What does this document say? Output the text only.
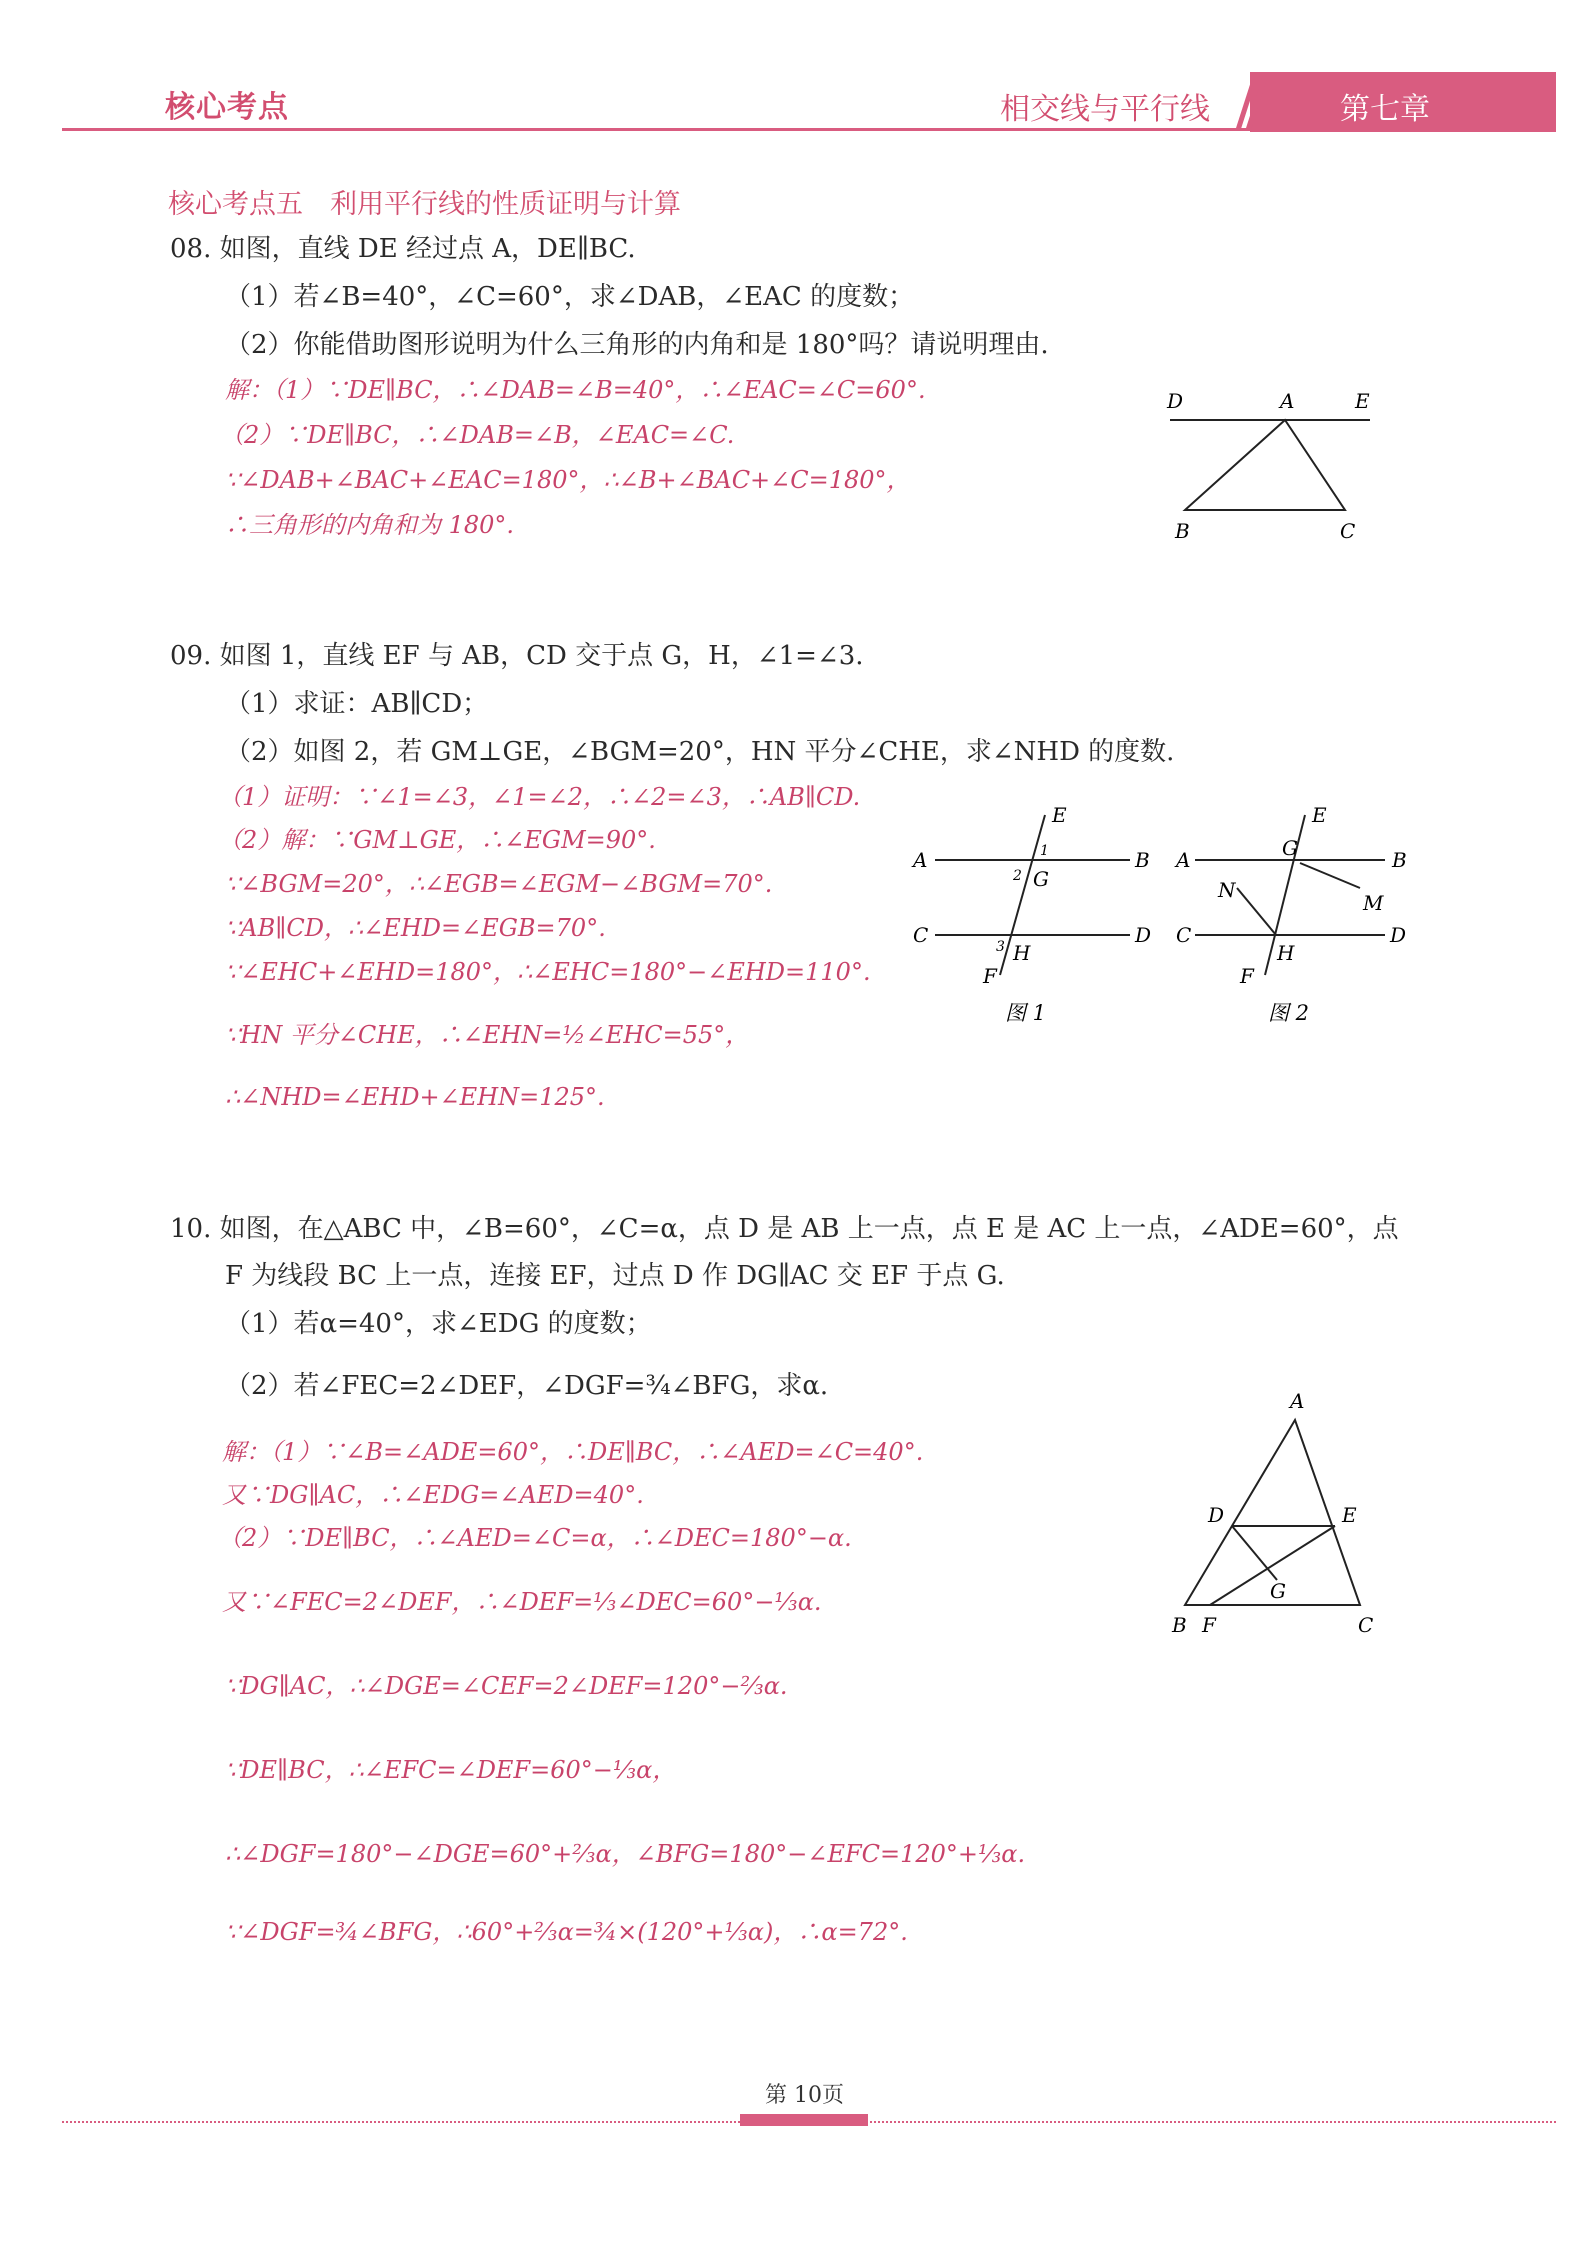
核心考点	相交线与平行线	第七章
核心考点五　利用平行线的性质证明与计算
08. 如图，直线 DE 经过点 A，DE∥BC.
（1）若∠B=40°，∠C=60°，求∠DAB，∠EAC 的度数；
（2）你能借助图形说明为什么三角形的内角和是 180°吗？请说明理由.
解：（1）∵DE∥BC，∴∠DAB=∠B=40°，∴∠EAC=∠C=60°.
（2）∵DE∥BC，∴∠DAB=∠B，∠EAC=∠C.
∵∠DAB+∠BAC+∠EAC=180°，∴∠B+∠BAC+∠C=180°，
∴三角形的内角和为 180°.
D	A	E
B	C
09. 如图 1，直线 EF 与 AB，CD 交于点 G，H，∠1=∠3.
（1）求证：AB∥CD；
（2）如图 2，若 GM⊥GE，∠BGM=20°，HN 平分∠CHE，求∠NHD 的度数.
（1）证明：∵∠1=∠3，∠1=∠2，∴∠2=∠3，∴AB∥CD.
（2）解：∵GM⊥GE，∴∠EGM=90°.
∵∠BGM=20°，∴∠EGB=∠EGM−∠BGM=70°.
∵AB∥CD，∴∠EHD=∠EGB=70°.
∵∠EHC+∠EHD=180°，∴∠EHC=180°−∠EHD=110°.
∵HN 平分∠CHE，∴∠EHN=½∠EHC=55°，
∴∠NHD=∠EHD+∠EHN=125°.
E
A	B
G
1
2
C	D
3 H
F
图 1
E
G
A	B
N
M
C	D
H
F
图 2
10. 如图，在△ABC 中，∠B=60°，∠C=α，点 D 是 AB 上一点，点 E 是 AC 上一点，∠ADE=60°，点
F 为线段 BC 上一点，连接 EF，过点 D 作 DG∥AC 交 EF 于点 G.
（1）若α=40°，求∠EDG 的度数；
（2）若∠FEC=2∠DEF，∠DGF=¾∠BFG，求α.
解：（1）∵∠B=∠ADE=60°，∴DE∥BC，∴∠AED=∠C=40°.
又∵DG∥AC，∴∠EDG=∠AED=40°.
（2）∵DE∥BC，∴∠AED=∠C=α，∴∠DEC=180°−α.
又∵∠FEC=2∠DEF，∴∠DEF=⅓∠DEC=60°−⅓α.
∵DG∥AC，∴∠DGE=∠CEF=2∠DEF=120°−⅔α.
∵DE∥BC，∴∠EFC=∠DEF=60°−⅓α，
∴∠DGF=180°−∠DGE=60°+⅔α，∠BFG=180°−∠EFC=120°+⅓α.
∵∠DGF=¾∠BFG，∴60°+⅔α=¾×(120°+⅓α)，∴α=72°.
A
D	E
G
B F	C
第 10页
